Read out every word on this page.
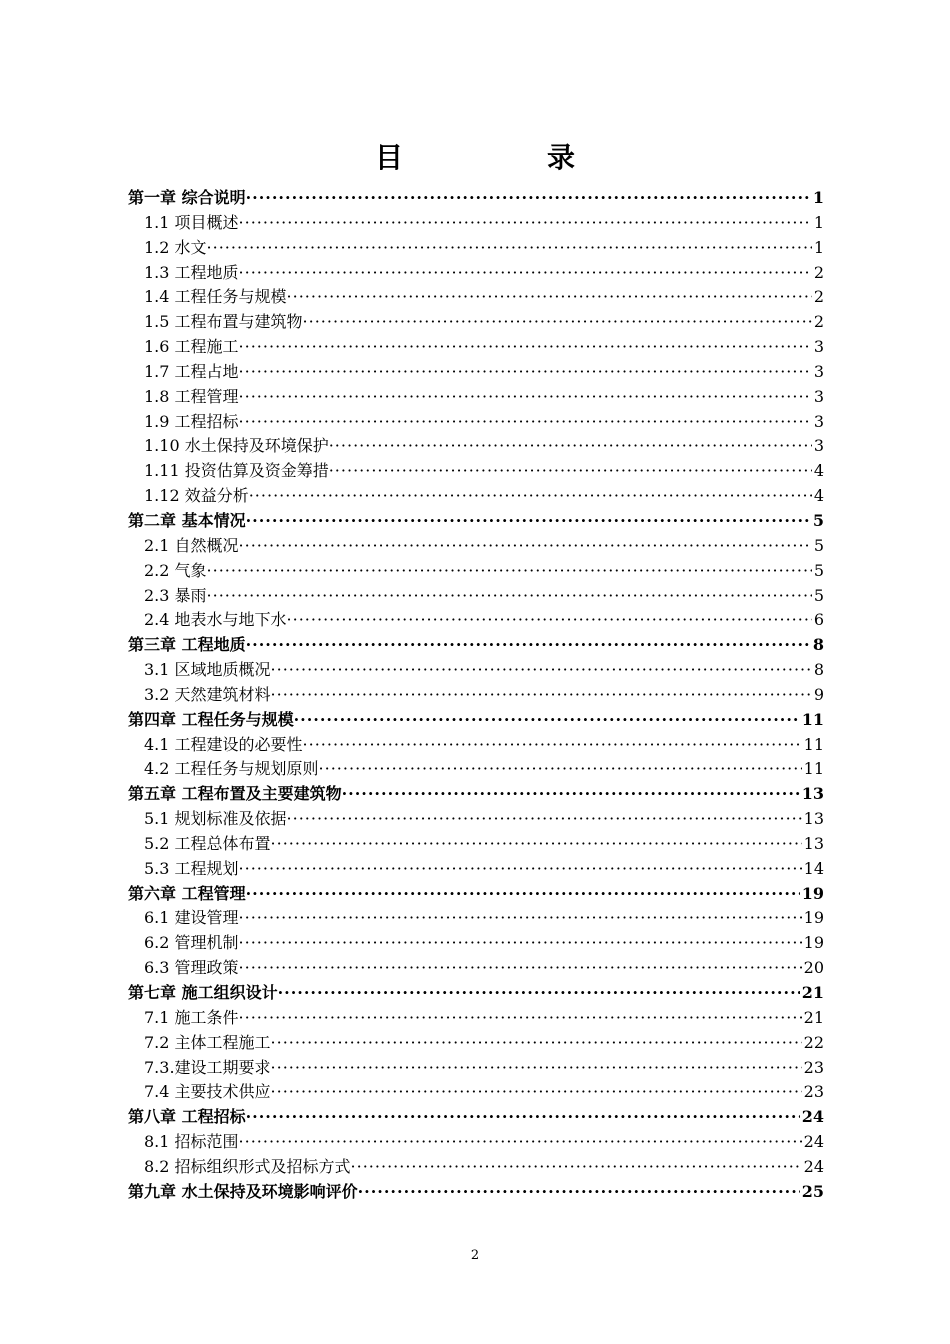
目　录
第一章 综合说明 ·····	1
1.1 项目概述 ·····	1
1.2 水文 ·····	1
1.3 工程地质 ·····	2
1.4 工程任务与规模 ·····	2
1.5 工程布置与建筑物 ·····	2
1.6 工程施工 ·····	3
1.7 工程占地 ·····	3
1.8 工程管理 ·····	3
1.9 工程招标 ·····	3
1.10 水土保持及环境保护 ·····	3
1.11 投资估算及资金筹措 ·····	4
1.12 效益分析 ·····	4
第二章 基本情况 ·····	5
2.1 自然概况 ·····	5
2.2 气象 ·····	5
2.3 暴雨 ·····	5
2.4 地表水与地下水 ·····	6
第三章 工程地质 ·····	8
3.1 区域地质概况 ·····	8
3.2 天然建筑材料 ·····	9
第四章 工程任务与规模 ·····	11
4.1 工程建设的必要性 ·····	11
4.2 工程任务与规划原则 ·····	11
第五章 工程布置及主要建筑物 ·····	13
5.1 规划标准及依据 ·····	13
5.2 工程总体布置 ·····	13
5.3 工程规划 ·····	14
第六章 工程管理 ·····	19
6.1 建设管理 ·····	19
6.2 管理机制 ·····	19
6.3 管理政策 ·····	20
第七章 施工组织设计 ·····	21
7.1 施工条件 ·····	21
7.2 主体工程施工 ·····	22
7.3.建设工期要求 ·····	23
7.4 主要技术供应 ·····	23
第八章 工程招标 ·····	24
8.1 招标范围 ·····	24
8.2 招标组织形式及招标方式 ·····	24
第九章 水土保持及环境影响评价 ·····	25
2
